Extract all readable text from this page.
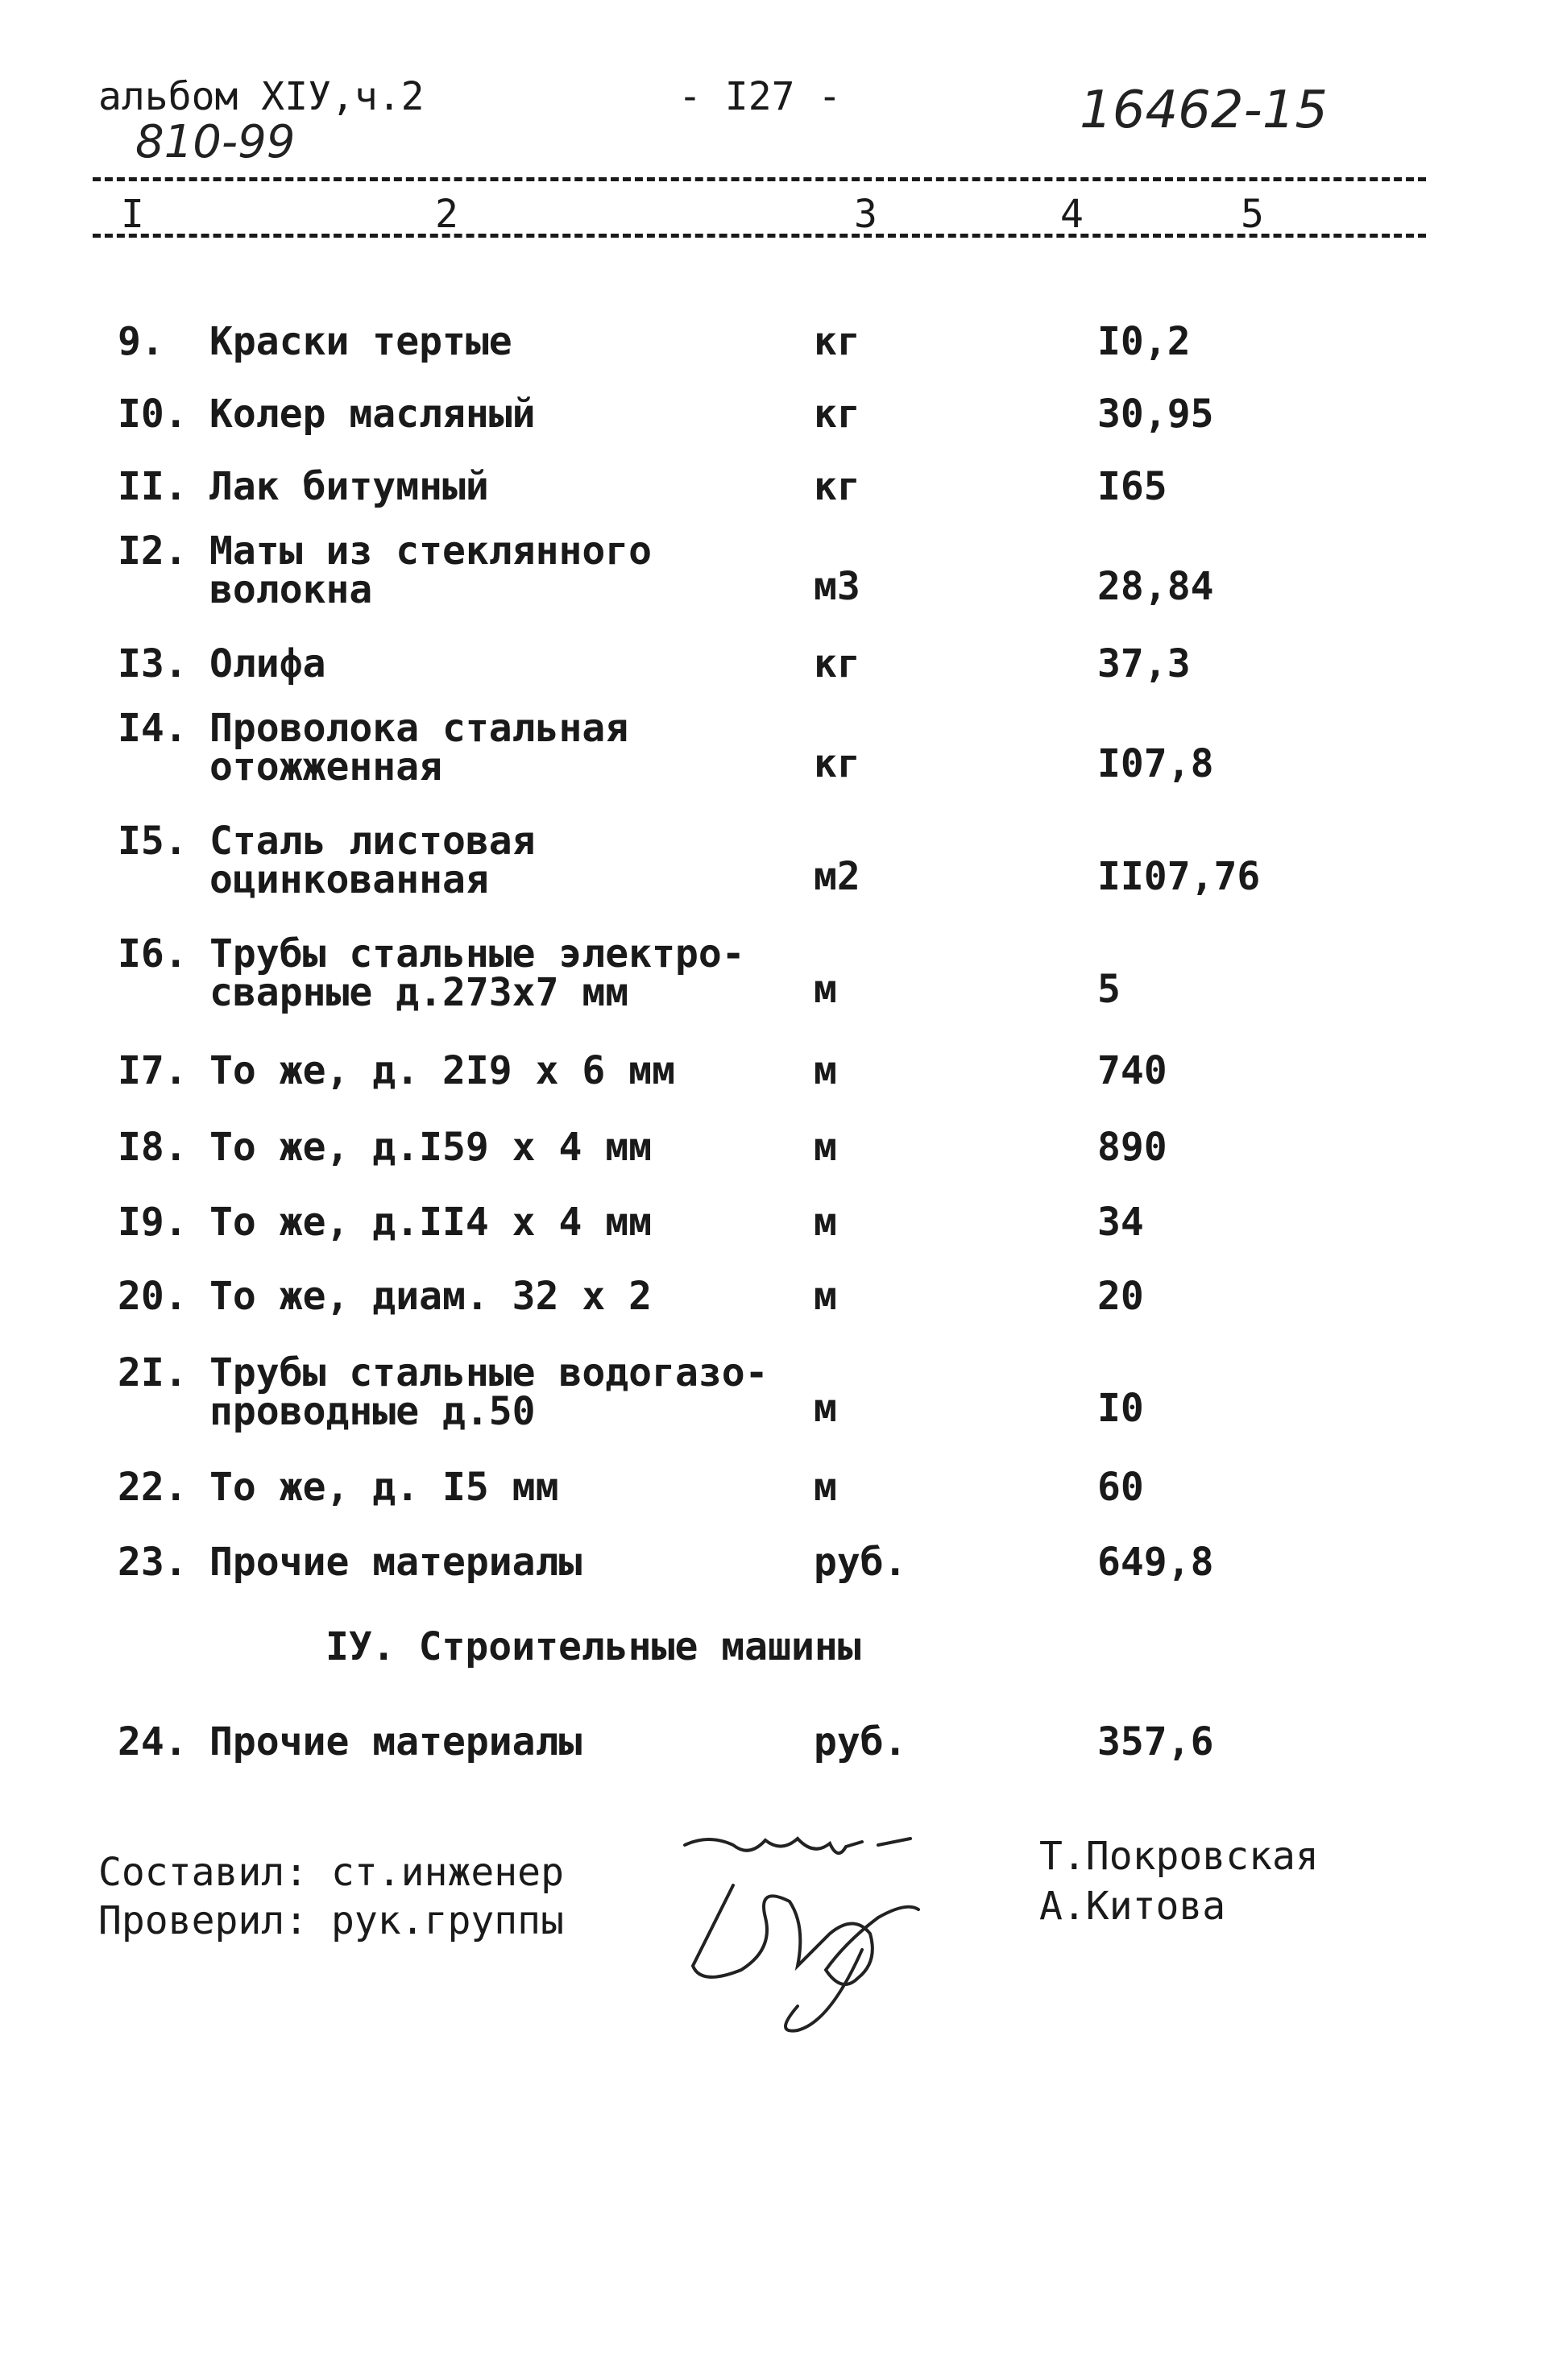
альбом XIУ,ч.2	- I27 -	16462-15
810-99
I	2	3	4	5
9. Краски тертые	кг	I0,2
I0. Колер масляный	кг	30,95
II. Лак битумный	кг	I65
I2. Маты из стеклянного
волокна	м3	28,84
I3. Олифа	кг	37,3
I4. Проволока стальная
отожженная	кг	I07,8
I5. Сталь листовая
оцинкованная	м2	II07,76
I6. Трубы стальные электро-
сварные д.273х7 мм	м	5
I7. То же, д. 2I9 х 6 мм	м	740
I8. То же, д.I59 х 4 мм	м	890
I9. То же, д.II4 х 4 мм	м	34
20. То же, диам. 32 х 2	м	20
2I. Трубы стальные водогазо-
проводные д.50	м	I0
22. То же, д. I5 мм	м	60
23. Прочие материалы	руб.	649,8
IУ. Строительные машины
24. Прочие материалы	руб.	357,6
Составил: ст.инженер
Проверил: рук.группы
Т.Покровская
А.Китова
